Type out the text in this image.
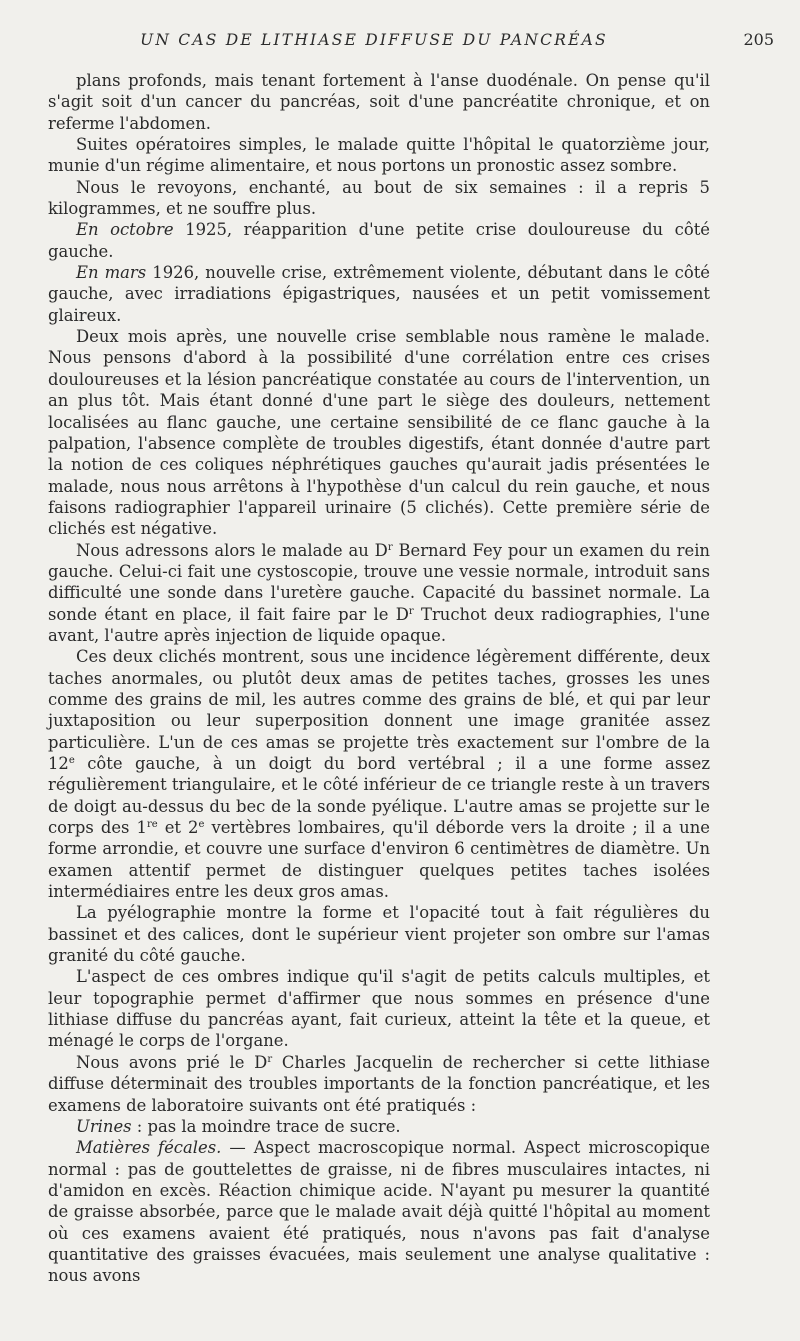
UN CAS DE LITHIASE DIFFUSE DU PANCRÉAS	205

plans profonds, mais tenant fortement à l'anse duodénale. On pense qu'il s'agit soit d'un cancer du pancréas, soit d'une pancréatite chronique, et on referme l'abdomen.

Suites opératoires simples, le malade quitte l'hôpital le quatorzième jour, munie d'un régime alimentaire, et nous portons un pronostic assez sombre.

Nous le revoyons, enchanté, au bout de six semaines : il a repris 5 kilogrammes, et ne souffre plus.

En octobre 1925, réapparition d'une petite crise douloureuse du côté gauche.

En mars 1926, nouvelle crise, extrêmement violente, débutant dans le côté gauche, avec irradiations épigastriques, nausées et un petit vomissement glaireux.

Deux mois après, une nouvelle crise semblable nous ramène le malade. Nous pensons d'abord à la possibilité d'une corrélation entre ces crises douloureuses et la lésion pancréatique constatée au cours de l'intervention, un an plus tôt. Mais étant donné d'une part le siège des douleurs, nettement localisées au flanc gauche, une certaine sensibilité de ce flanc gauche à la palpation, l'absence complète de troubles digestifs, étant donnée d'autre part la notion de ces coliques néphrétiques gauches qu'aurait jadis présentées le malade, nous nous arrêtons à l'hypothèse d'un calcul du rein gauche, et nous faisons radiographier l'appareil urinaire (5 clichés). Cette première série de clichés est négative.

Nous adressons alors le malade au $D^r$ Bernard Fey pour un examen du rein gauche. Celui-ci fait une cystoscopie, trouve une vessie normale, introduit sans difficulté une sonde dans l'uretère gauche. Capacité du bassinet normale. La sonde étant en place, il fait faire par le $D^r$ Truchot deux radiographies, l'une avant, l'autre après injection de liquide opaque.

Ces deux clichés montrent, sous une incidence légèrement différente, deux taches anormales, ou plutôt deux amas de petites taches, grosses les unes comme des grains de mil, les autres comme des grains de blé, et qui par leur juxtaposition ou leur superposition donnent une image granitée assez particulière. L'un de ces amas se projette très exactement sur l'ombre de la 12e côte gauche, à un doigt du bord vertébral ; il a une forme assez régulièrement triangulaire, et le côté inférieur de ce triangle reste à un travers de doigt au-dessus du bec de la sonde pyélique. L'autre amas se projette sur le corps des 1re et 2e vertèbres lombaires, qu'il déborde vers la droite ; il a une forme arrondie, et couvre une surface d'environ 6 centimètres de diamètre. Un examen attentif permet de distinguer quelques petites taches isolées intermédiaires entre les deux gros amas.

La pyélographie montre la forme et l'opacité tout à fait régulières du bassinet et des calices, dont le supérieur vient projeter son ombre sur l'amas granité du côté gauche.

L'aspect de ces ombres indique qu'il s'agit de petits calculs multiples, et leur topographie permet d'affirmer que nous sommes en présence d'une lithiase diffuse du pancréas ayant, fait curieux, atteint la tête et la queue, et ménagé le corps de l'organe.

Nous avons prié le $D^r$ Charles Jacquelin de rechercher si cette lithiase diffuse déterminait des troubles importants de la fonction pancréatique, et les examens de laboratoire suivants ont été pratiqués :

Urines : pas la moindre trace de sucre.

Matières fécales. — Aspect macroscopique normal. Aspect microscopique normal : pas de gouttelettes de graisse, ni de fibres musculaires intactes, ni d'amidon en excès. Réaction chimique acide. N'ayant pu mesurer la quantité de graisse absorbée, parce que le malade avait déjà quitté l'hôpital au moment où ces examens avaient été pratiqués, nous n'avons pas fait d'analyse quantitative des graisses évacuées, mais seulement une analyse qualitative : nous avons
